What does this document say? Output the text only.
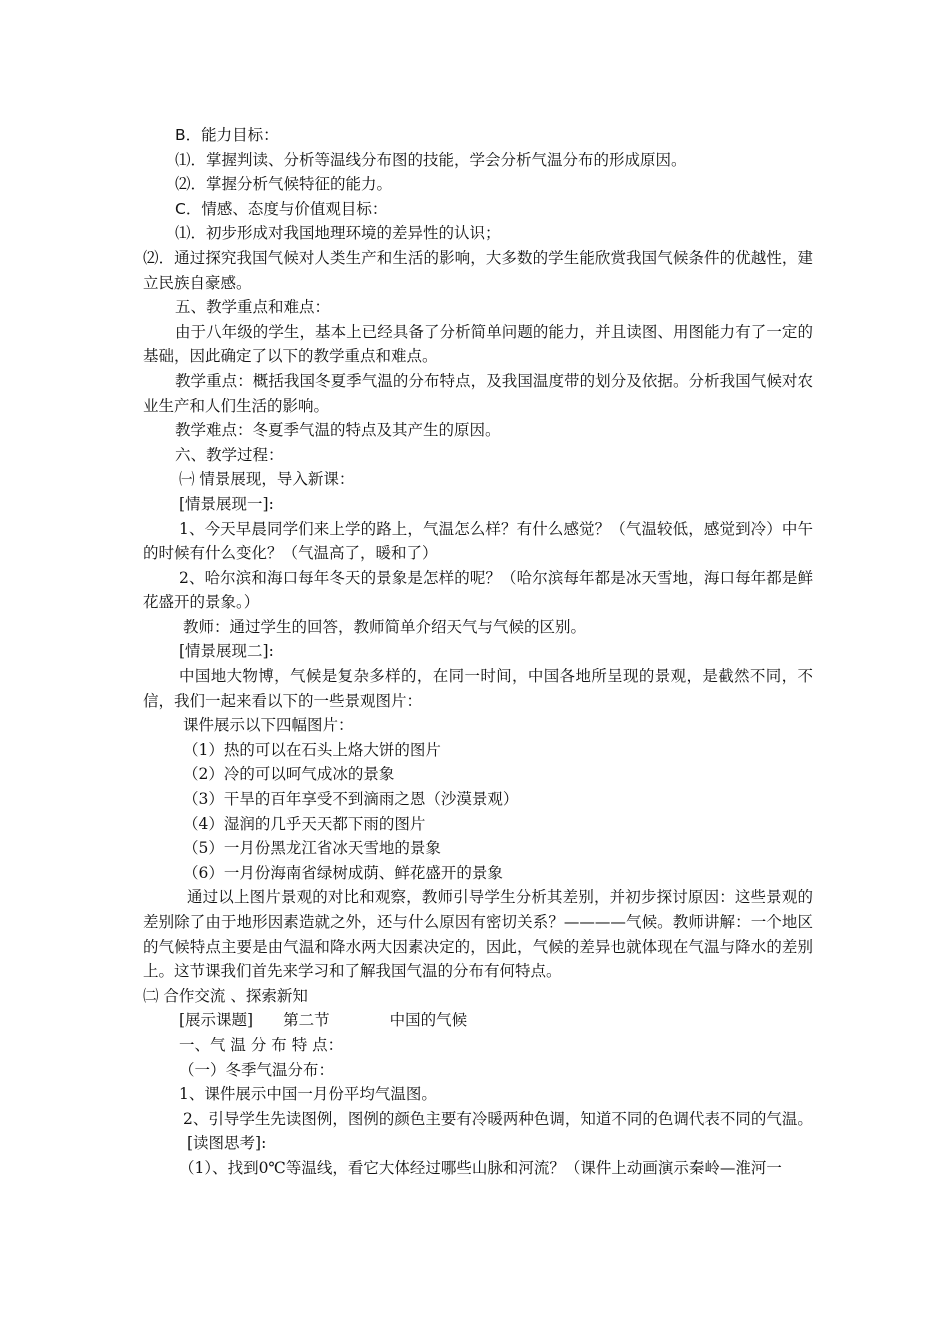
B．能力目标：
⑴．掌握判读、分析等温线分布图的技能，学会分析气温分布的形成原因。
⑵．掌握分析气候特征的能力。
C．情感、态度与价值观目标：
⑴．初步形成对我国地理环境的差异性的认识；
⑵．通过探究我国气候对人类生产和生活的影响，大多数的学生能欣赏我国气候条件的优越性，建立民族自豪感。
五、教学重点和难点：
由于八年级的学生，基本上已经具备了分析简单问题的能力，并且读图、用图能力有了一定的基础，因此确定了以下的教学重点和难点。
教学重点：概括我国冬夏季气温的分布特点，及我国温度带的划分及依据。分析我国气候对农业生产和人们生活的影响。
教学难点：冬夏季气温的特点及其产生的原因。
六、教学过程：
㈠ 情景展现，导入新课：
[情景展现一]:
1、今天早晨同学们来上学的路上，气温怎么样？有什么感觉？（气温较低，感觉到冷）中午的时候有什么变化？（气温高了，暖和了）
2、哈尔滨和海口每年冬天的景象是怎样的呢？（哈尔滨每年都是冰天雪地，海口每年都是鲜花盛开的景象。）
教师：通过学生的回答，教师简单介绍天气与气候的区别。
[情景展现二]:
中国地大物博，气候是复杂多样的，在同一时间，中国各地所呈现的景观，是截然不同，不信，我们一起来看以下的一些景观图片：
课件展示以下四幅图片：
（1）热的可以在石头上烙大饼的图片
（2）冷的可以呵气成冰的景象
（3）干旱的百年享受不到滴雨之恩（沙漠景观）
（4）湿润的几乎天天都下雨的图片
（5）一月份黑龙江省冰天雪地的景象
（6）一月份海南省绿树成荫、鲜花盛开的景象
通过以上图片景观的对比和观察，教师引导学生分析其差别，并初步探讨原因：这些景观的差别除了由于地形因素造就之外，还与什么原因有密切关系？————气候。教师讲解：一个地区的气候特点主要是由气温和降水两大因素决定的，因此，气候的差异也就体现在气温与降水的差别上。这节课我们首先来学习和了解我国气温的分布有何特点。
㈡ 合作交流 、探索新知
[展示课题] 第二节	中国的气候
一、气 温 分 布 特 点：
（一）冬季气温分布：
1、课件展示中国一月份平均气温图。
2、引导学生先读图例，图例的颜色主要有冷暖两种色调，知道不同的色调代表不同的气温。
[读图思考]:
（1）、找到0℃等温线，看它大体经过哪些山脉和河流？（课件上动画演示秦岭—淮河一
